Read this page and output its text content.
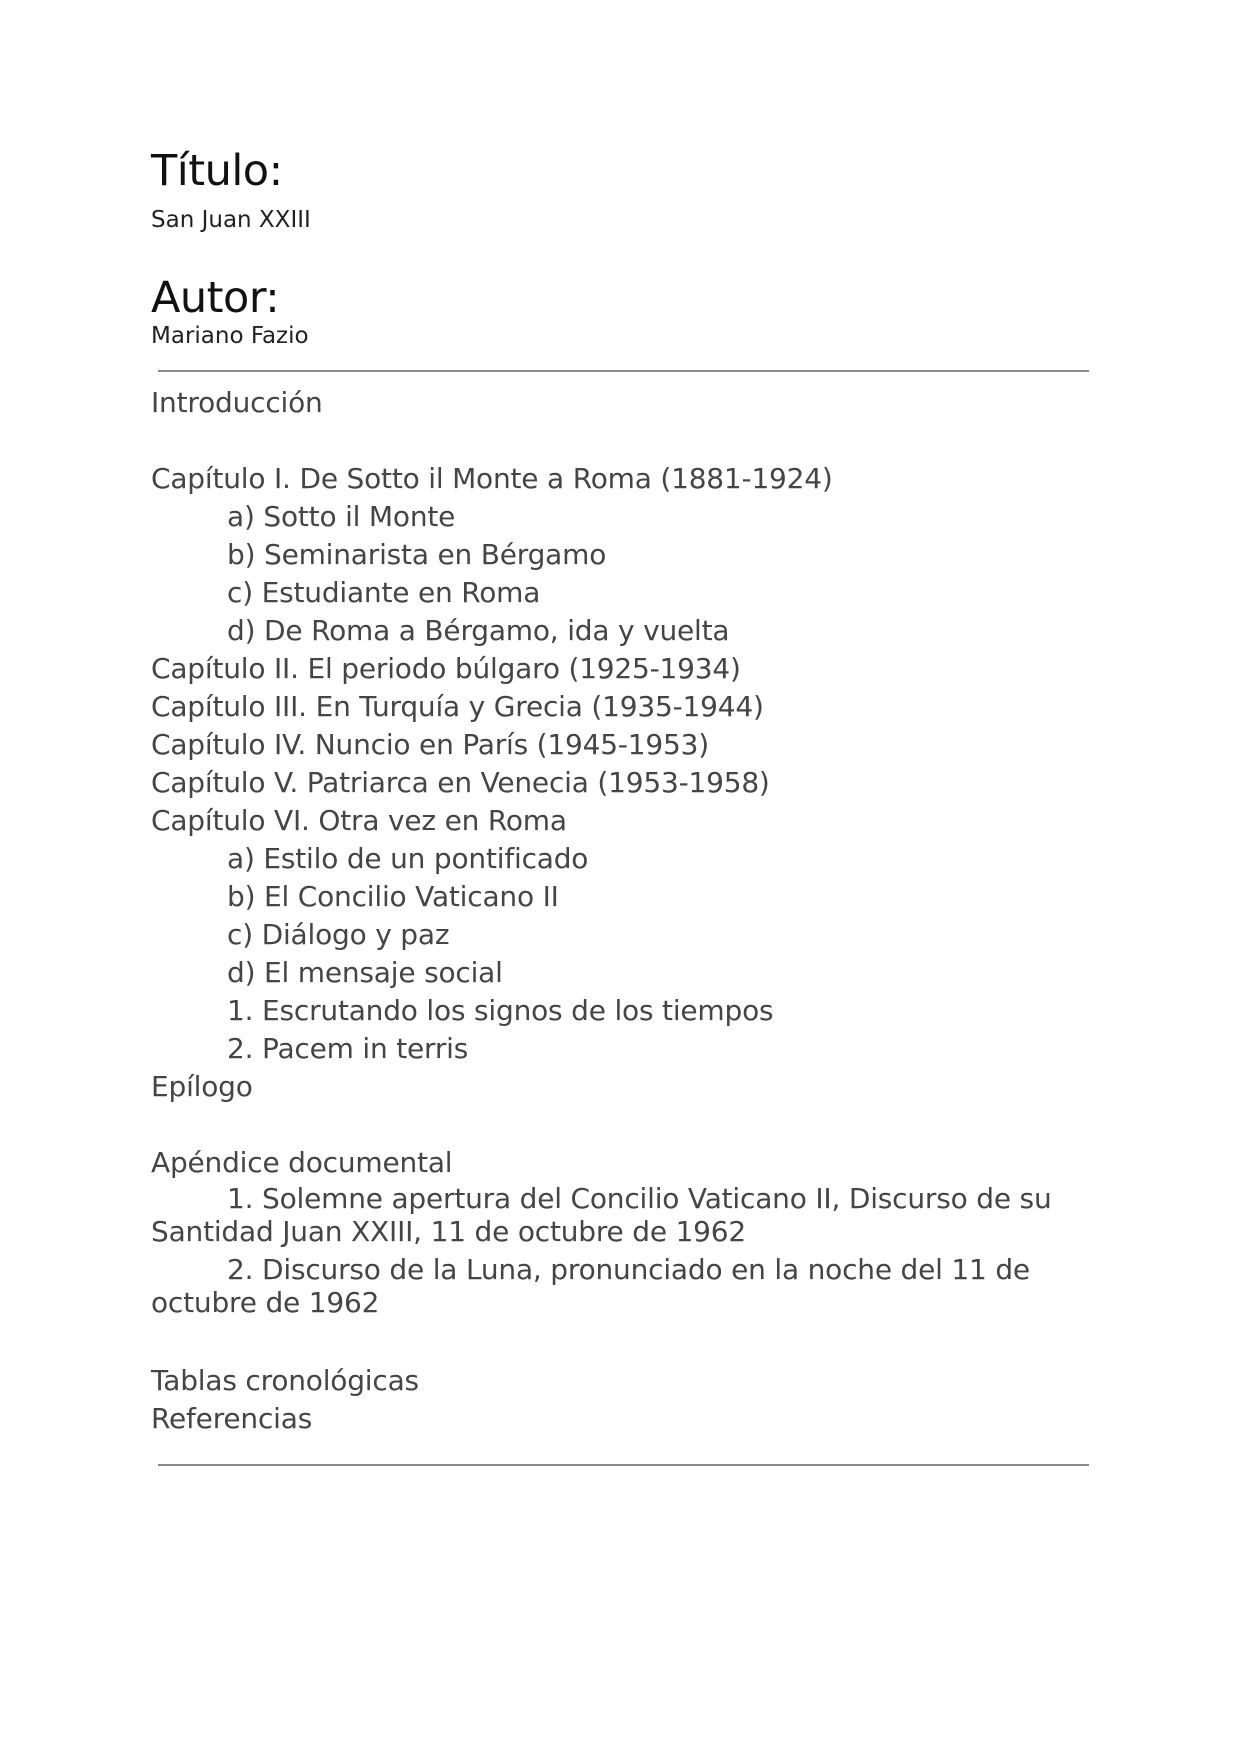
Título:
San Juan XXIII
Autor:
Mariano Fazio
Introducción
Capítulo I. De Sotto il Monte a Roma (1881-1924)
a) Sotto il Monte
b) Seminarista en Bérgamo
c) Estudiante en Roma
d) De Roma a Bérgamo, ida y vuelta
Capítulo II. El periodo búlgaro (1925-1934)
Capítulo III. En Turquía y Grecia (1935-1944)
Capítulo IV. Nuncio en París (1945-1953)
Capítulo V. Patriarca en Venecia (1953-1958)
Capítulo VI. Otra vez en Roma
a) Estilo de un pontificado
b) El Concilio Vaticano II
c) Diálogo y paz
d) El mensaje social
1. Escrutando los signos de los tiempos
2. Pacem in terris
Epílogo
Apéndice documental
1. Solemne apertura del Concilio Vaticano II, Discurso de su Santidad Juan XXIII, 11 de octubre de 1962
2. Discurso de la Luna, pronunciado en la noche del 11 de octubre de 1962
Tablas cronológicas
Referencias
